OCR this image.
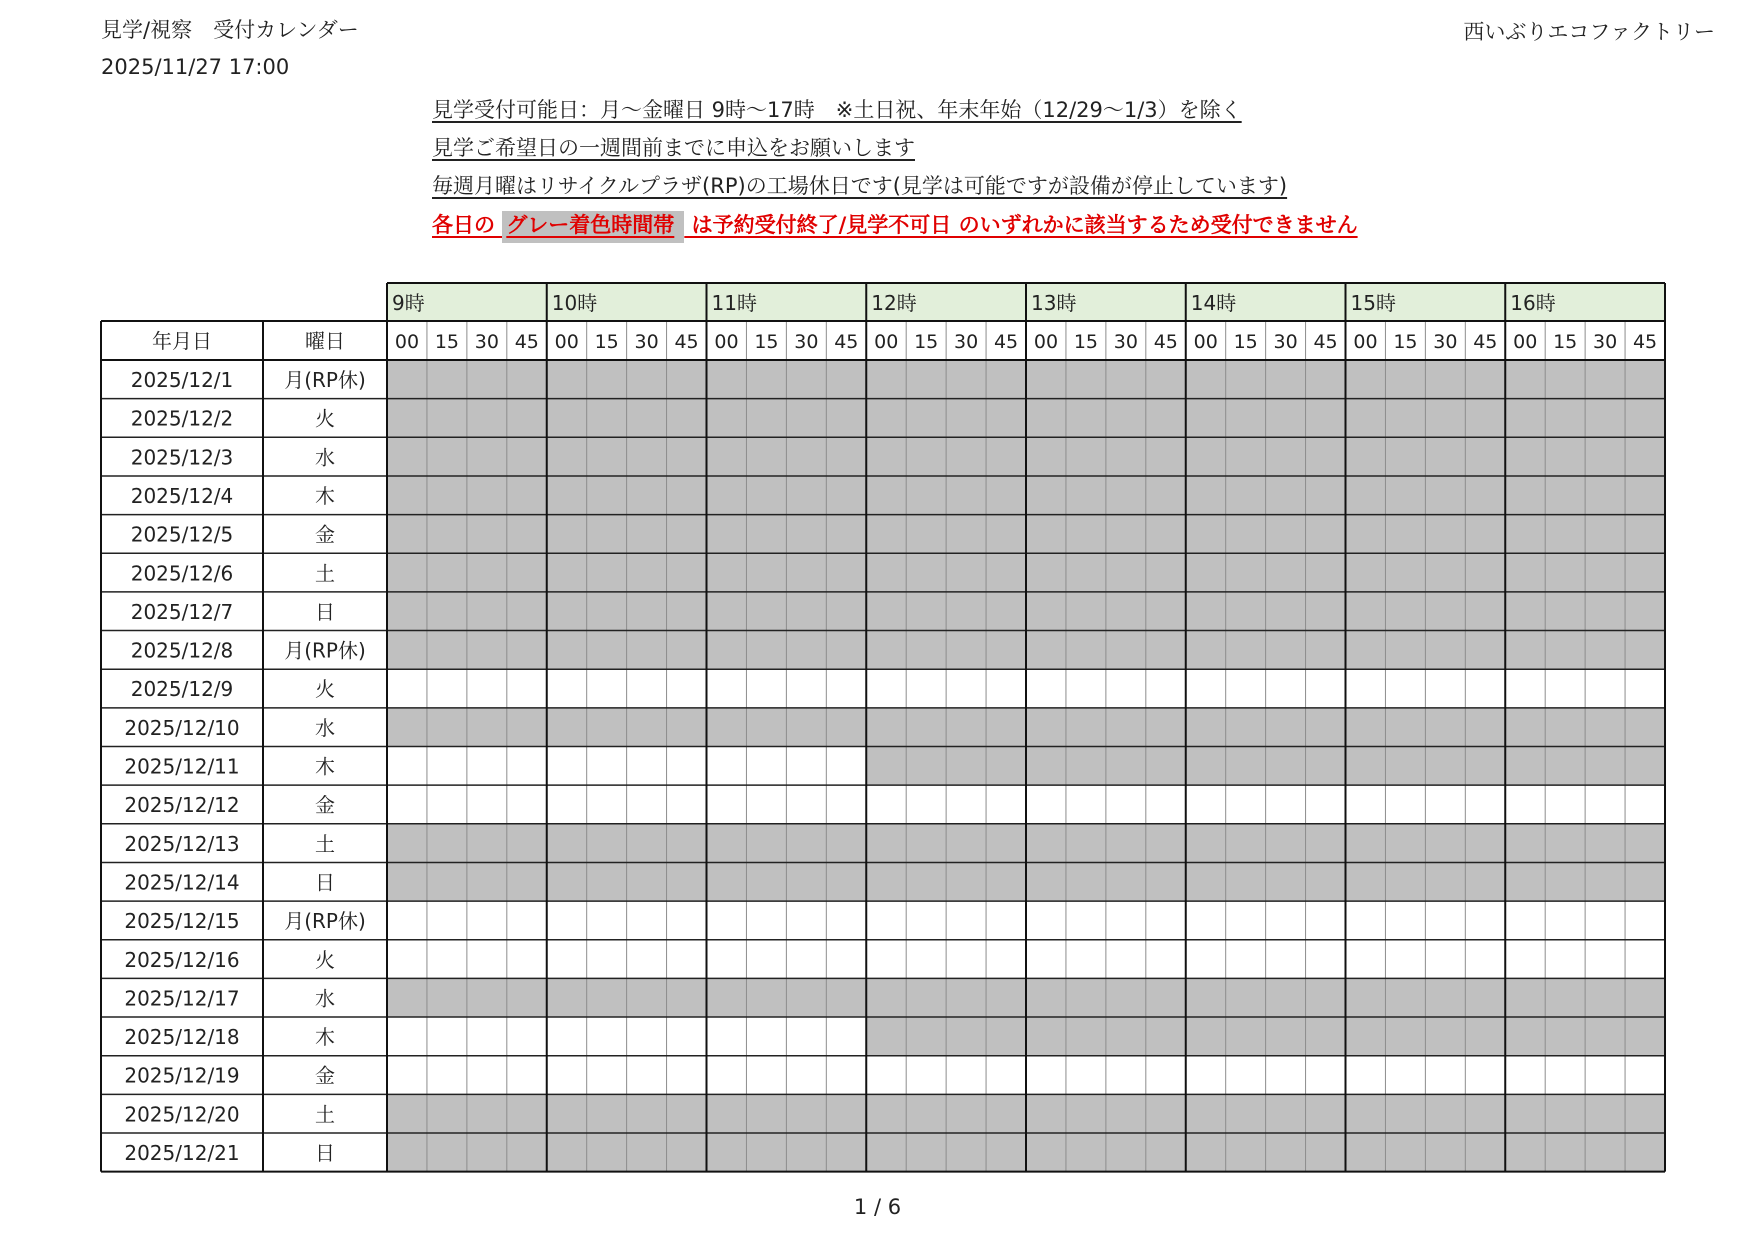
見学/視察　受付カレンダー
2025/11/27 17:00
西いぶりエコファクトリー
見学受付可能日：月～金曜日 9時～17時　※土日祝、年末年始（12/29～1/3）を除く
見学ご希望日の一週間前までに申込をお願いします
毎週月曜はリサイクルプラザ(RP)の工場休日です(見学は可能ですが設備が停止しています)
各日の グレー着色時間帯 は予約受付終了/見学不可日 のいずれかに該当するため受付できません
9時	10時	11時	12時	13時	14時	15時	16時
年月日	曜日	00 15 30 45 00 15 30 45 00 15 30 45 00 15 30 45 00 15 30 45 00 15 30 45 00 15 30 45 00 15 30 45
2025/12/1	月(RP休)
2025/12/2	火
2025/12/3	水
2025/12/4	木
2025/12/5	金
2025/12/6	土
2025/12/7	日
2025/12/8	月(RP休)
2025/12/9	火
2025/12/10	水
2025/12/11	木
2025/12/12	金
2025/12/13	土
2025/12/14	日
2025/12/15 月(RP休)
2025/12/16	火
2025/12/17	水
2025/12/18	木
2025/12/19	金
2025/12/20	土
2025/12/21	日
1 / 6
